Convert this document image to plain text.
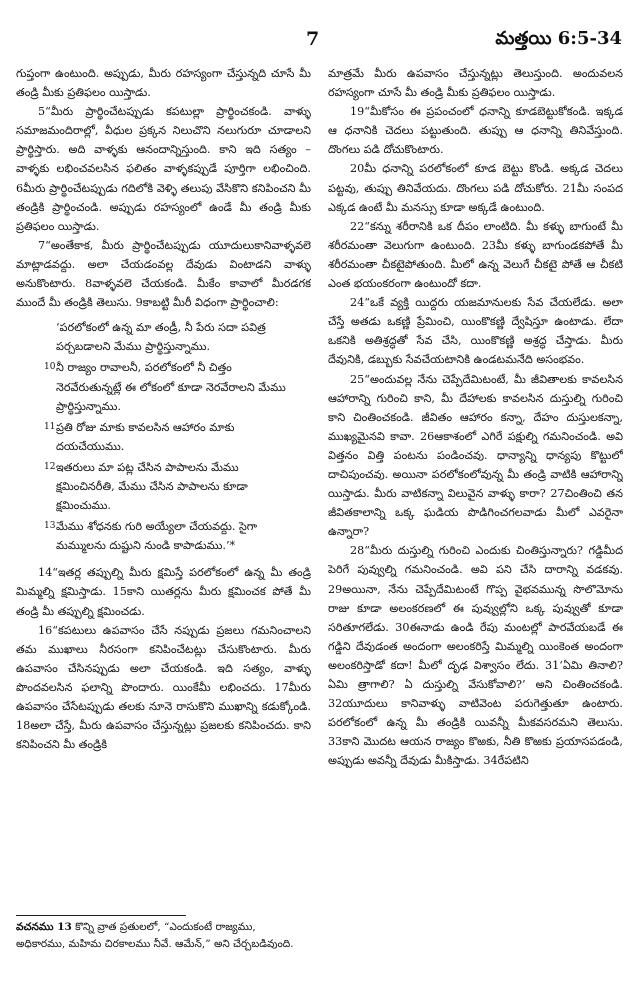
7	మత్తయి 6:5-34

గుప్తంగా ఉంటుంది. అప్పుడు, మీరు రహస్యంగా చేస్తున్నది చూసే మీ తండ్రి మీకు ప్రతిఫలం యిస్తాడు.

5“మీరు ప్రార్థించేటప్పుడు కపటుల్లా ప్రార్థించకండి. వాళ్ళు సమాజమందిరాల్లో, వీధుల ప్రక్కన నిలుచొని నలుగురూ చూడాలని ప్రార్థిస్తారు. అది వాళ్ళకు ఆనందాన్నిస్తుంది. కాని ఇది సత్యం – వాళ్ళకు లభించవలసిన ఫలితం వాళ్ళకప్పుడే పూర్తిగా లభించింది. 6మీరు ప్రార్థించేటప్పుడు గదిలోకి వెళ్ళి తలుపు వేసికొని కనిపించని మీ తండ్రికి ప్రార్థించండి. అప్పుడు రహస్యంలో ఉండే మీ తండ్రి మీకు ప్రతిఫలం యిస్తాడు.

7“అంతేకాక, మీరు ప్రార్థించేటప్పుడు యూదులుకానివాళ్ళవలె మాట్లాడవద్దు. అలా చేయడంవల్ల దేవుడు వింటాడని వాళ్ళు అనుకొంటారు. 8వాళ్ళవలె చేయకండి. మీకేం కావాలో మీరడగక ముందే మీ తండ్రికి తెలుసు. 9కాబట్టి మీరీ విధంగా ప్రార్థించాలి:

‘పరలోకంలో ఉన్న మా తండ్రీ, నీ పేరు సదా పవిత్ర పర్చబడాలని మేము ప్రార్థిస్తున్నాము.
10 నీ రాజ్యం రావాలనీ, పరలోకంలో నీ చిత్తం నెరవేరుతున్నట్లే ఈ లోకంలో కూడా నెరవేరాలని మేము ప్రార్థిస్తున్నాము.
11 ప్రతి రోజు మాకు కావలసిన ఆహారం మాకు దయచేయుము.
12 ఇతరులు మా పట్ల చేసిన పాపాలను మేము క్షమించినరీతి, మేము చేసిన పాపాలను కూడా క్షమించుము.
13 మేము శోధనకు గురి అయ్యేలా చేయవద్దు. సైగా మమ్ములను దుష్టుని నుండి కాపాడుము.’*

14“ఇతర్ల తప్పుల్ని మీరు క్షమిస్తే పరలోకంలో ఉన్న మీ తండ్రి మిమ్మల్ని క్షమిస్తాడు. 15కాని యితర్లను మీరు క్షమించక పోతే మీ తండ్రి మీ తప్పుల్ని క్షమించడు.

16“కపటులు ఉపవాసం చేసే నప్పుడు ప్రజలు గమనించాలని తమ ముఖాలు నీరసంగా కనిపించేటట్లు చేసుకొంటారు. మీరు ఉపవాసం చేసినప్పుడు అలా చేయకండి. ఇది సత్యం, వాళ్ళు పొందవలసిన ఫలాన్ని పొందారు. యింకేమీ లభించదు. 17మీరు ఉపవాసం చేసేటప్పుడు తలకు నూనె రాసుకొని ముఖాన్ని కడుక్కోండి. 18అలా చేస్తే, మీరు ఉపవాసం చేస్తున్నట్లు ప్రజలకు కనిపించదు. కాని కనిపించని మీ తండ్రికి

మాత్రమే మీరు ఉపవాసం చేస్తున్నట్లు తెలుస్తుంది. అందువలన రహస్యంగా చూసే మీ తండ్రి మీకు ప్రతిఫలం యిస్తాడు.

19“మీకోసం ఈ ప్రపంచంలో ధనాన్ని కూడబెట్టుకోకండి. ఇక్కడ ఆ ధనానికి చెదలు పట్టుతుంది. తుప్పు ఆ ధనాన్ని తినివేస్తుంది. దొంగలు పడి దోచుకొంటారు.

20మీ ధనాన్ని పరలోకంలో కూడ బెట్టు కొండి. అక్కడ చెదలు పట్టవు, తుప్పు తినివేయదు. దొంగలు పడి దోచుకోరు. 21మీ సంపద ఎక్కడ ఉంటే మీ మనస్సు కూడా అక్కడే ఉంటుంది.

22“కన్ను శరీరానికి ఒక దీపం లాంటిది. మీ కళ్ళు బాగుంటే మీ శరీరమంతా వెలుగుగా ఉంటుంది. 23మీ కళ్ళు బాగుండకపోతే మీ శరీరమంతా చీకటైపోతుంది. మీలో ఉన్న వెలుగే చీకటై పోతే ఆ చీకటి ఎంత భయంకరంగా ఉంటుందో కదా.

24“ఒకే వ్యక్తి యిద్దరు యజమానులకు సేవ చేయలేడు. అలా చేస్తే అతడు ఒకణ్ణి ప్రేమించి, యింకొకణ్ణి ద్వేషిస్తూ ఉంటాడు. లేదా ఒకనికి అతిశ్రద్ధతో సేవ చేసి, యింకొకణ్ణి అశ్రద్ధ చేస్తాడు. మీరు దేవునికి, డబ్బుకు సేవచేయటానికి ఉండటమనేది అసంభవం.

25“అందువల్ల నేను చెప్పేదేమిటంటే, మీ జీవితాలకు కావలసిన ఆహారాన్ని గురించి కాని, మీ దేహాలకు కావలసిన దుస్తుల్ని గురించి కాని చింతించకండి. జీవితం ఆహారం కన్నా, దేహం దుస్తులకన్నా, ముఖ్యమైనవి కావా. 26ఆకాశంలో ఎగిరే పక్షుల్ని గమనించండి. అవి విత్తనం విత్తి పంటను పండించవు. ధాన్యాన్ని ధాన్యపు కొట్టులో దాచిపుంచవు. అయినా పరలోకంలోవున్న మీ తండ్రి వాటికి ఆహారాన్ని యిస్తాడు. మీరు వాటికన్నా విలువైన వాళ్ళు కారా? 27చింతించి తన జీవితకాలాన్ని ఒక్క ఘడియ పొడిగించగలవాడు మీలో ఎవరైనా ఉన్నారా?

28“మీరు దుస్తుల్ని గురించి ఎందుకు చింతిస్తున్నారు? గడ్డిమీద పెరిగే పువ్వుల్ని గమనించండి. అవి పని చేసి దారాన్ని వడకవు. 29అయినా, నేను చెప్పేదేమిటంటే గొప్ప వైభవమున్న సొలొమోను రాజు కూడా అలంకరణలో ఈ పువ్వుల్లోని ఒక్క పువ్వుతో కూడా సరితూగలేడు. 30ఈనాడు ఉండి రేపు మంటల్లో పారవేయబడే ఈ గడ్డిని దేవుడంత అందంగా అలంకరిస్తే మిమ్మల్ని యింకెంత అందంగా అలంకరిస్తాడో కదా! మీలో దృఢ విశ్వాసం లేదు. 31‘ఏమి తినాలి? ఏమి త్రాగాలి? ఏ దుస్తుల్ని వేసుకోవాలి?’ అని చింతించకండి. 32యూదులు కానివాళ్ళు వాటివెంట పరుగెత్తుతూ ఉంటారు. పరలోకంలో ఉన్న మీ తండ్రికి యివన్నీ మీకవసరమని తెలుసు. 33కాని మొదట ఆయన రాజ్యం కొఱకు, నీతి కొఱకు ప్రయాసపడండి, అప్పుడు అవన్నీ దేవుడు మీకిస్తాడు. 34రేపటిని

వచనము 13 కొన్ని వ్రాత ప్రతులలో, “ఎందుకంటే రాజ్యము, అధికారము, మహిమ చిరకాలము నీవే. ఆమేన్,” అని చేర్చబడివుంది.
